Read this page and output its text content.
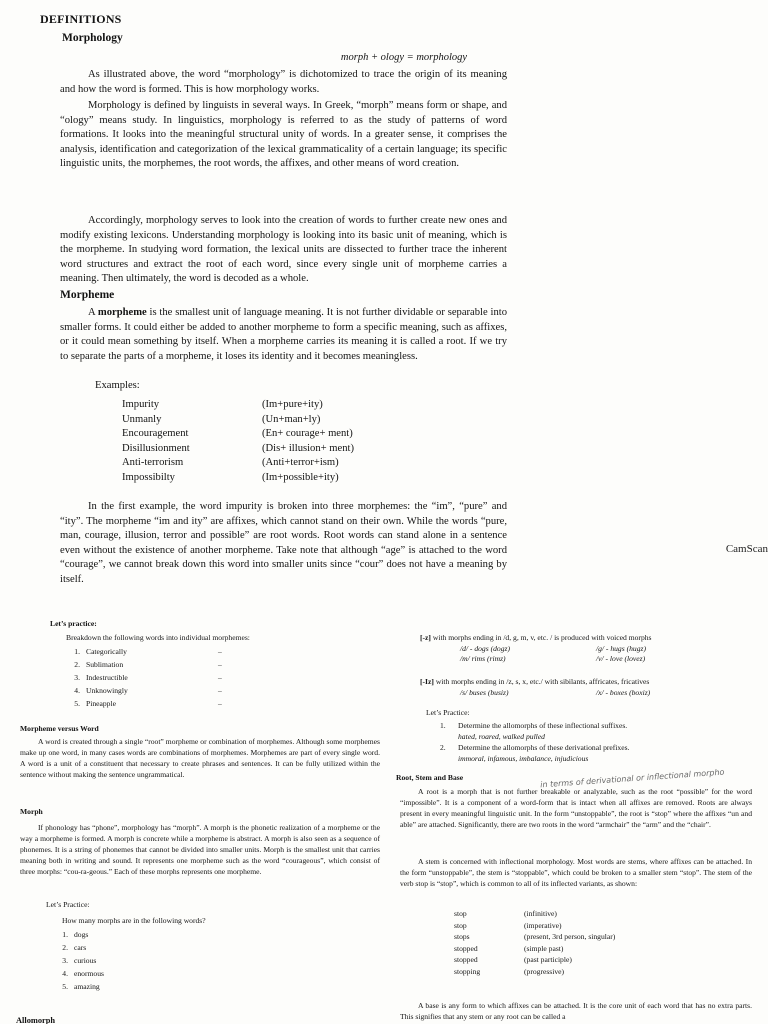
DEFINITIONS
Morphology
morph + ology = morphology

As illustrated above, the word “morphology” is dichotomized to trace the origin of its meaning and how the word is formed. This is how morphology works.

Morphology is defined by linguists in several ways. In Greek, “morph” means form or shape, and “ology” means study. In linguistics, morphology is referred to as the study of patterns of word formations. It looks into the meaningful structural unity of words. In a greater sense, it comprises the analysis, identification and categorization of the lexical grammaticality of a certain language; its specific linguistic units, the morphemes, the root words, the affixes, and other means of word creation.

Accordingly, morphology serves to look into the creation of words to further create new ones and modify existing lexicons. Understanding morphology is looking into its basic unit of meaning, which is the morpheme. In studying word formation, the lexical units are dissected to further trace the inherent word structures and extract the root of each word, since every single unit of morpheme carries a meaning. Then ultimately, the word is decoded as a whole.

Morpheme

A morpheme is the smallest unit of language meaning. It is not further dividable or separable into smaller forms. It could either be added to another morpheme to form a specific meaning, such as affixes, or it could mean something by itself. When a morpheme carries its meaning it is called a root. If we try to separate the parts of a morpheme, it loses its identity and it becomes meaningless.

Examples:
Impurity	(Im+pure+ity)
Unmanly	(Un+man+ly)
Encouragement	(En+ courage+ ment)
Disillusionment	(Dis+ illusion+ ment)
Anti-terrorism	(Anti+terror+ism)
Impossibilty	(Im+possible+ity)

In the first example, the word impurity is broken into three morphemes: the “im”, “pure” and “ity”. The morpheme “im and ity” are affixes, which cannot stand on their own. While the words “pure, man, courage, illusion, terror and possible” are root words. Root words can stand alone in a sentence even without the existence of another morpheme. Take note that although “age” is attached to the word “courage”, we cannot break down this word into smaller units since “cour” does not have a meaning by itself.

CamScan
Let’s practice:
Breakdown the following words into individual morphemes:
1. Categorically	–
2. Sublimation	–
3. Indestructible	–
4. Unknowingly	–
5. Pineapple	–
Morpheme versus Word

A word is created through a single “root” morpheme or combination of morphemes. Although some morphemes make up one word, in many cases words are combinations of morphemes. Morphemes are part of every single word. A word is a unit of a constituent that necessary to create phrases and sentences. It can be fully utilized within the sentence without making the sentence ungrammatical.

Morph

If phonology has “phone”, morphology has “morph”. A morph is the phonetic realization of a morpheme or the way a morpheme is formed. A morph is concrete while a morpheme is abstract. A morph is also seen as a sequence of phonemes. It is a string of phonemes that cannot be divided into smaller units. Morph is the smallest unit that carries meaning both in writing and sound. It represents one morpheme such as the word “courageous”, which consist of three morphs: “cou-ra-geous.” Each of these morphs represents one morpheme.

Let’s Practice:
How many morphs are in the following words?
1. dogs
2. cars
3. curious
4. enormous
5. amazing
Allomorph
[-z] with morphs ending in /d, g, m, v, etc. / is produced with voiced morphs
/d/ - dogs (dogz)	/g/ - hugs (hugz)
/m/ rims (rimz)	/v/ - love (lovez)
[-Iz] with morphs ending in /z, s, x, etc./ with sibilants, affricates, fricatives
/s/ buses (busiz)	/x/ - boxes (boxiz)
Let’s Practice:
1. Determine the allomorphs of these inflectional suffixes.
hated, roared, walked pulled
2. Determine the allomorphs of these derivational prefixes.
immoral, infamous, imbalance, injudicious
Root, Stem and Base

A root is a morph that is not further breakable or analyzable, such as the root “possible” for the word “impossible”. It is a component of a word-form that is intact when all affixes are removed. Roots are always present in every meaningful linguistic unit. In the form “unstoppable”, the root is “stop” where the affixes “un and able” are attached. Significantly, there are two roots in the word “armchair” the “arm” and the “chair”.

A stem is concerned with inflectional morphology. Most words are stems, where affixes can be attached. In the form “unstoppable”, the stem is “stoppable”, which could be broken to a smaller stem “stop”. The stem of the verb stop is “stop”, which is common to all of its inflected variants, as shown:

stop	(infinitive)
stop	(imperative)
stops	(present, 3rd person, singular)
stopped	(simple past)
stopped	(past participle)
stopping	(progressive)

A base is any form to which affixes can be attached. It is the core unit of each word that has no extra parts. This signifies that any stem or any root can be called a

in terms of derivational or inflectional morpho
